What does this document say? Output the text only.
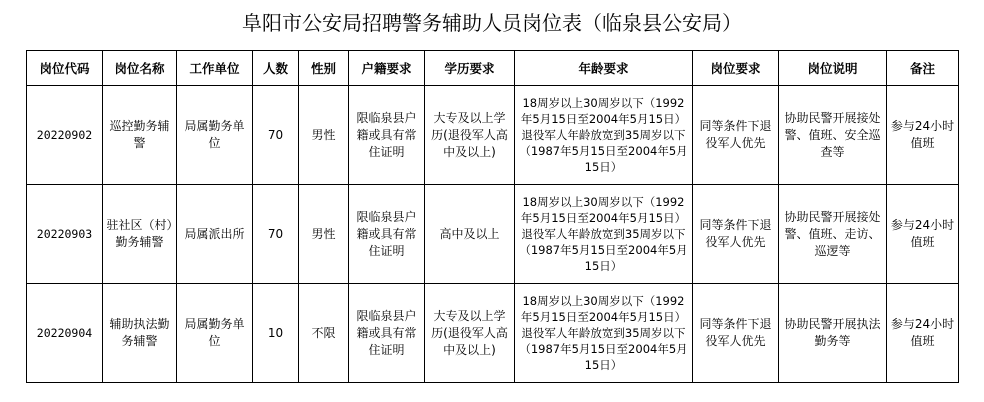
阜阳市公安局招聘警务辅助人员岗位表（临泉县公安局）
岗位代码	岗位名称	工作单位	人数	性别	户籍要求	学历要求	年龄要求	岗位要求	岗位说明	备注
20220902	巡控勤务辅警	局属勤务单位	70	男性	限临泉县户籍或具有常住证明	大专及以上学历(退役军人高中及以上)	18周岁以上30周岁以下（1992年5月15日至2004年5月15日）退役军人年龄放宽到35周岁以下（1987年5月15日至2004年5月15日）	同等条件下退役军人优先	协助民警开展接处警、值班、安全巡查等	参与24小时值班
20220903	驻社区（村）勤务辅警	局属派出所	70	男性	限临泉县户籍或具有常住证明	高中及以上	18周岁以上30周岁以下（1992年5月15日至2004年5月15日）退役军人年龄放宽到35周岁以下（1987年5月15日至2004年5月15日）	同等条件下退役军人优先	协助民警开展接处警、值班、走访、巡逻等	参与24小时值班
20220904	辅助执法勤务辅警	局属勤务单位	10	不限	限临泉县户籍或具有常住证明	大专及以上学历(退役军人高中及以上)	18周岁以上30周岁以下（1992年5月15日至2004年5月15日）退役军人年龄放宽到35周岁以下（1987年5月15日至2004年5月15日）	同等条件下退役军人优先	协助民警开展执法勤务等	参与24小时值班
